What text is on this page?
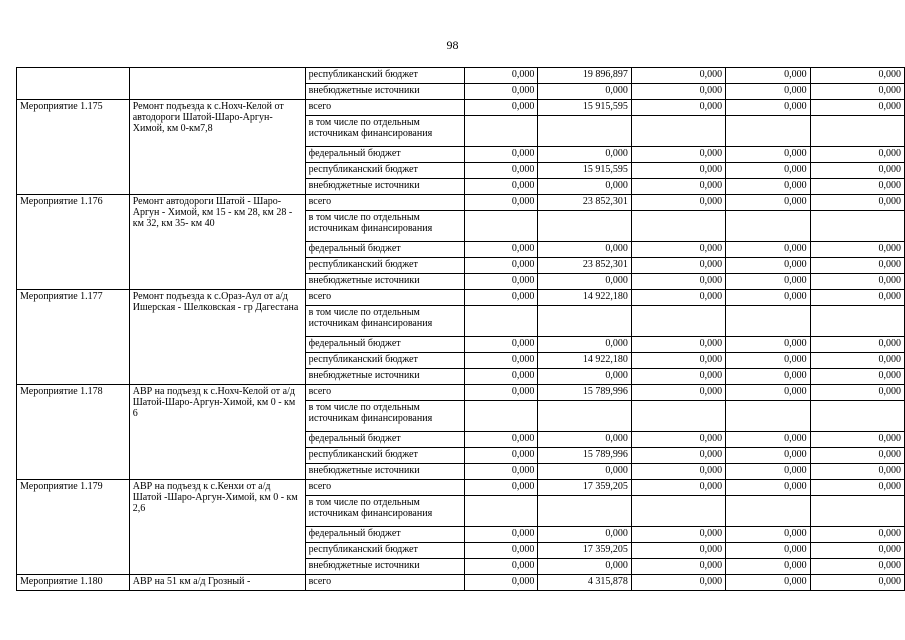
98
		республиканский бюджет	0,000	19 896,897	0,000	0,000	0,000
		внебюджетные источники	0,000	0,000	0,000	0,000	0,000
Мероприятие 1.175	Ремонт подъезда к с.Нохч-Келой от автодороги Шатой-Шаро-Аргун-Химой, км 0-км7,8	всего	0,000	15 915,595	0,000	0,000	0,000
		в том числе по отдельным источникам финансирования					
		федеральный бюджет	0,000	0,000	0,000	0,000	0,000
		республиканский бюджет	0,000	15 915,595	0,000	0,000	0,000
		внебюджетные источники	0,000	0,000	0,000	0,000	0,000
Мероприятие 1.176	Ремонт автодороги Шатой - Шаро-Аргун - Химой, км 15 - км 28, км 28 - км 32, км 35- км 40	всего	0,000	23 852,301	0,000	0,000	0,000
		в том числе по отдельным источникам финансирования					
		федеральный бюджет	0,000	0,000	0,000	0,000	0,000
		республиканский бюджет	0,000	23 852,301	0,000	0,000	0,000
		внебюджетные источники	0,000	0,000	0,000	0,000	0,000
Мероприятие 1.177	Ремонт подъезда к с.Ораз-Аул от а/д Ишерская - Шелковская - гр Дагестана	всего	0,000	14 922,180	0,000	0,000	0,000
		в том числе по отдельным источникам финансирования					
		федеральный бюджет	0,000	0,000	0,000	0,000	0,000
		республиканский бюджет	0,000	14 922,180	0,000	0,000	0,000
		внебюджетные источники	0,000	0,000	0,000	0,000	0,000
Мероприятие 1.178	АВР на подъезд к с.Нохч-Келой от а/д Шатой-Шаро-Аргун-Химой, км 0 - км 6	всего	0,000	15 789,996	0,000	0,000	0,000
		в том числе по отдельным источникам финансирования					
		федеральный бюджет	0,000	0,000	0,000	0,000	0,000
		республиканский бюджет	0,000	15 789,996	0,000	0,000	0,000
		внебюджетные источники	0,000	0,000	0,000	0,000	0,000
Мероприятие 1.179	АВР на подъезд к с.Кенхи от а/д Шатой -Шаро-Аргун-Химой, км 0 - км 2,6	всего	0,000	17 359,205	0,000	0,000	0,000
		в том числе по отдельным источникам финансирования					
		федеральный бюджет	0,000	0,000	0,000	0,000	0,000
		республиканский бюджет	0,000	17 359,205	0,000	0,000	0,000
		внебюджетные источники	0,000	0,000	0,000	0,000	0,000
Мероприятие 1.180	АВР на 51 км а/д Грозный -	всего	0,000	4 315,878	0,000	0,000	0,000
